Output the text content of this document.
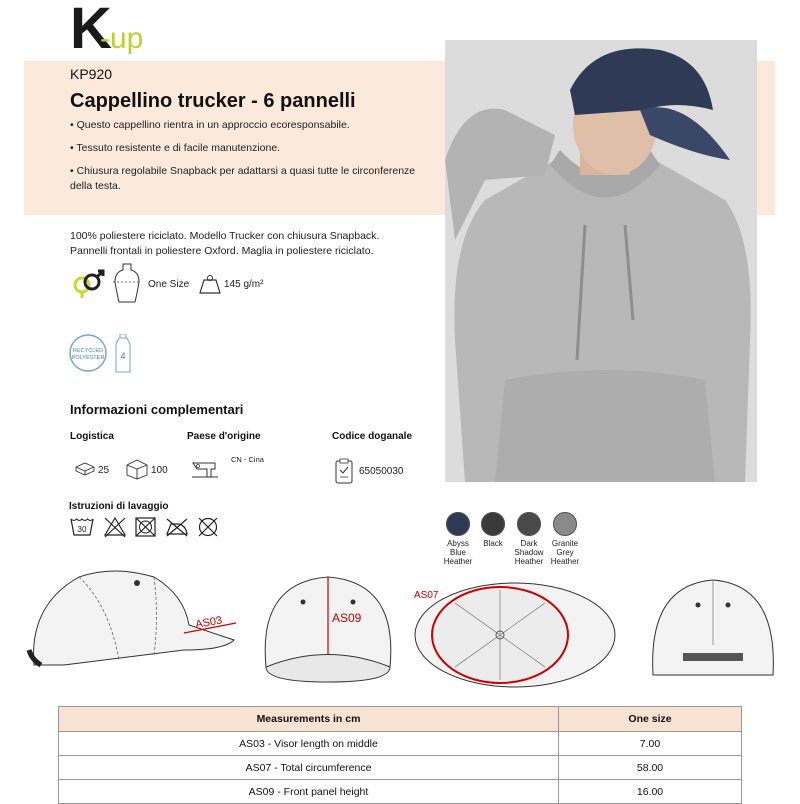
K
-up
KP920
Cappellino trucker - 6 pannelli
• Questo cappellino rientra in un approccio ecoresponsabile.
• Tessuto resistente e di facile manutenzione.
• Chiusura regolabile Snapback per adattarsi a quasi tutte le circonferenze della testa.
100% poliestere riciclato. Modello Trucker con chiusura Snapback. Pannelli frontali in poliestere Oxford. Maglia in poliestere riciclato.
One Size	145 g/m²
RECYCLED
POLYESTER 4
Informazioni complementari
Logistica	Paese d'origine	Codice doganale
25	100
CN - Cina
65050030
Istruzioni di lavaggio
30
Abyss
Blue
Heather
Black	Dark
Shadow
Heather
Granite
Grey
Heather
AS03	AS09
AS07
Measurements in cm	One size
AS03 - Visor length on middle	7.00
AS07 - Total circumference	58.00
AS09 - Front panel height	16.00
